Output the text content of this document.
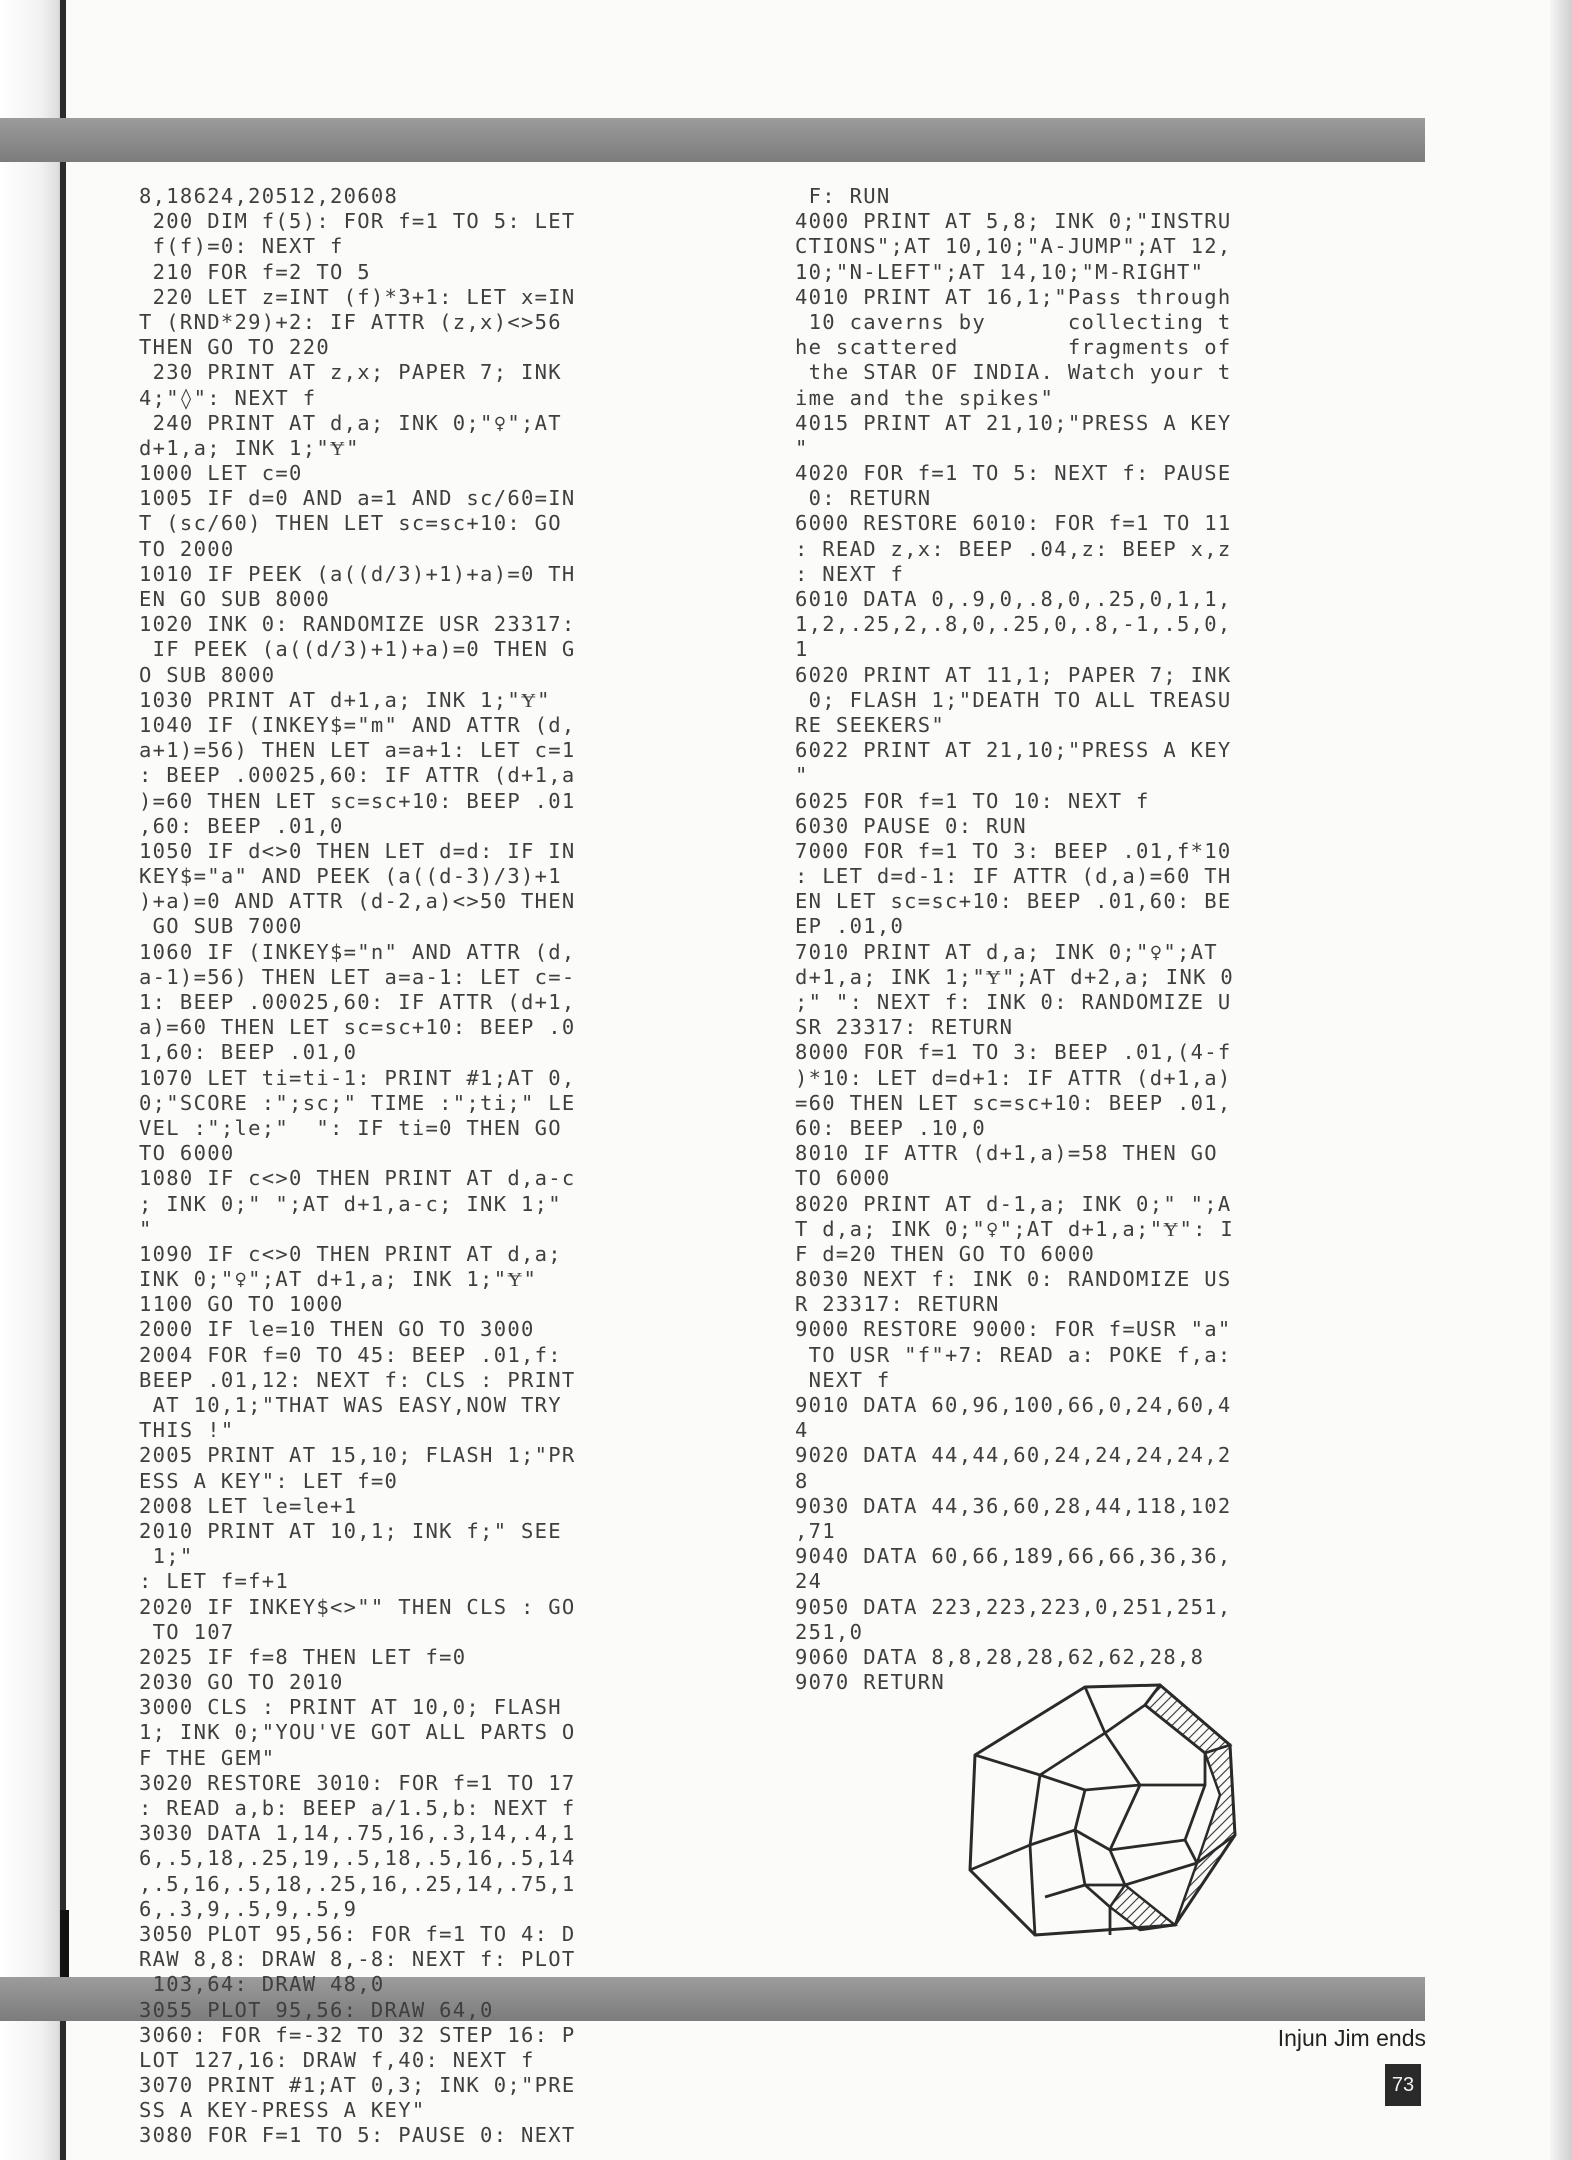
8,18624,20512,20608
200 DIM f(5): FOR f=1 TO 5: LET
f(f)=0: NEXT f
210 FOR f=2 TO 5
220 LET z=INT (f)*3+1: LET x=IN
T (RND*29)+2: IF ATTR (z,x)<>56
THEN GO TO 220
230 PRINT AT z,x; PAPER 7; INK
4;"◊": NEXT f
240 PRINT AT d,a; INK 0;"♀";AT
d+1,a; INK 1;"Ɏ"
1000 LET c=0
1005 IF d=0 AND a=1 AND sc/60=IN
T (sc/60) THEN LET sc=sc+10: GO
TO 2000
1010 IF PEEK (a((d/3)+1)+a)=0 TH
EN GO SUB 8000
1020 INK 0: RANDOMIZE USR 23317:
IF PEEK (a((d/3)+1)+a)=0 THEN G
O SUB 8000
1030 PRINT AT d+1,a; INK 1;"Ɏ"
1040 IF (INKEY$="m" AND ATTR (d,
a+1)=56) THEN LET a=a+1: LET c=1
: BEEP .00025,60: IF ATTR (d+1,a
)=60 THEN LET sc=sc+10: BEEP .01
,60: BEEP .01,0
1050 IF d<>0 THEN LET d=d: IF IN
KEY$="a" AND PEEK (a((d-3)/3)+1
)+a)=0 AND ATTR (d-2,a)<>50 THEN
GO SUB 7000
1060 IF (INKEY$="n" AND ATTR (d,
a-1)=56) THEN LET a=a-1: LET c=-
1: BEEP .00025,60: IF ATTR (d+1,
a)=60 THEN LET sc=sc+10: BEEP .0
1,60: BEEP .01,0
1070 LET ti=ti-1: PRINT #1;AT 0,
0;"SCORE :";sc;" TIME :";ti;" LE
VEL :";le;"  ": IF ti=0 THEN GO
TO 6000
1080 IF c<>0 THEN PRINT AT d,a-c
; INK 0;" ";AT d+1,a-c; INK 1;"
"
1090 IF c<>0 THEN PRINT AT d,a;
INK 0;"♀";AT d+1,a; INK 1;"Ɏ"
1100 GO TO 1000
2000 IF le=10 THEN GO TO 3000
2004 FOR f=0 TO 45: BEEP .01,f:
BEEP .01,12: NEXT f: CLS : PRINT
AT 10,1;"THAT WAS EASY,NOW TRY
THIS !"
2005 PRINT AT 15,10; FLASH 1;"PR
ESS A KEY": LET f=0
2008 LET le=le+1
2010 PRINT AT 10,1; INK f;" SEE
1;"
: LET f=f+1
2020 IF INKEY$<>"" THEN CLS : GO
TO 107
2025 IF f=8 THEN LET f=0
2030 GO TO 2010
3000 CLS : PRINT AT 10,0; FLASH
1; INK 0;"YOU'VE GOT ALL PARTS O
F THE GEM"
3020 RESTORE 3010: FOR f=1 TO 17
: READ a,b: BEEP a/1.5,b: NEXT f
3030 DATA 1,14,.75,16,.3,14,.4,1
6,.5,18,.25,19,.5,18,.5,16,.5,14
,.5,16,.5,18,.25,16,.25,14,.75,1
6,.3,9,.5,9,.5,9
3050 PLOT 95,56: FOR f=1 TO 4: D
RAW 8,8: DRAW 8,-8: NEXT f: PLOT
103,64: DRAW 48,0
3055 PLOT 95,56: DRAW 64,0
3060: FOR f=-32 TO 32 STEP 16: P
LOT 127,16: DRAW f,40: NEXT f
3070 PRINT #1;AT 0,3; INK 0;"PRE
SS A KEY-PRESS A KEY"
3080 FOR F=1 TO 5: PAUSE 0: NEXT
F: RUN
4000 PRINT AT 5,8; INK 0;"INSTRU
CTIONS";AT 10,10;"A-JUMP";AT 12,
10;"N-LEFT";AT 14,10;"M-RIGHT"
4010 PRINT AT 16,1;"Pass through
10 caverns by      collecting t
he scattered        fragments of
the STAR OF INDIA. Watch your t
ime and the spikes"
4015 PRINT AT 21,10;"PRESS A KEY
"
4020 FOR f=1 TO 5: NEXT f: PAUSE
0: RETURN
6000 RESTORE 6010: FOR f=1 TO 11
: READ z,x: BEEP .04,z: BEEP x,z
: NEXT f
6010 DATA 0,.9,0,.8,0,.25,0,1,1,
1,2,.25,2,.8,0,.25,0,.8,-1,.5,0,
1
6020 PRINT AT 11,1; PAPER 7; INK
0; FLASH 1;"DEATH TO ALL TREASU
RE SEEKERS"
6022 PRINT AT 21,10;"PRESS A KEY
"
6025 FOR f=1 TO 10: NEXT f
6030 PAUSE 0: RUN
7000 FOR f=1 TO 3: BEEP .01,f*10
: LET d=d-1: IF ATTR (d,a)=60 TH
EN LET sc=sc+10: BEEP .01,60: BE
EP .01,0
7010 PRINT AT d,a; INK 0;"♀";AT
d+1,a; INK 1;"Ɏ";AT d+2,a; INK 0
;" ": NEXT f: INK 0: RANDOMIZE U
SR 23317: RETURN
8000 FOR f=1 TO 3: BEEP .01,(4-f
)*10: LET d=d+1: IF ATTR (d+1,a)
=60 THEN LET sc=sc+10: BEEP .01,
60: BEEP .10,0
8010 IF ATTR (d+1,a)=58 THEN GO
TO 6000
8020 PRINT AT d-1,a; INK 0;" ";A
T d,a; INK 0;"♀";AT d+1,a;"Ɏ": I
F d=20 THEN GO TO 6000
8030 NEXT f: INK 0: RANDOMIZE US
R 23317: RETURN
9000 RESTORE 9000: FOR f=USR "a"
TO USR "f"+7: READ a: POKE f,a:
NEXT f
9010 DATA 60,96,100,66,0,24,60,4
4
9020 DATA 44,44,60,24,24,24,24,2
8
9030 DATA 44,36,60,28,44,118,102
,71
9040 DATA 60,66,189,66,66,36,36,
24
9050 DATA 223,223,223,0,251,251,
251,0
9060 DATA 8,8,28,28,62,62,28,8
9070 RETURN
Injun Jim ends
73
